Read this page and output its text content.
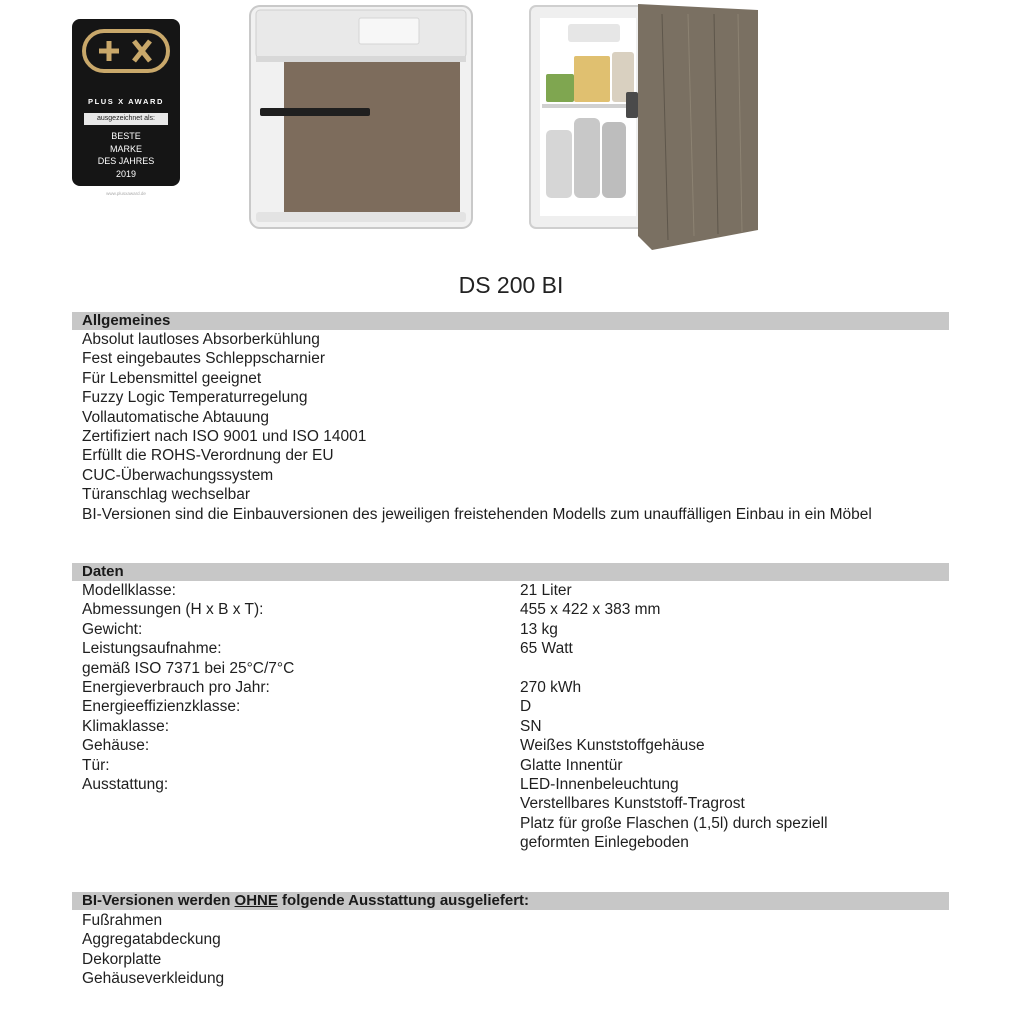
PLUS X AWARD
ausgezeichnet als:
BESTE
MARKE
DES JAHRES
2019
www.plusxaward.de
DS 200 BI
Allgemeines
Absolut lautloses Absorberkühlung
Fest eingebautes Schleppscharnier
Für Lebensmittel geeignet
Fuzzy Logic Temperaturregelung
Vollautomatische Abtauung
Zertifiziert nach ISO 9001 und ISO 14001
Erfüllt die ROHS-Verordnung der EU
CUC-Überwachungssystem
Türanschlag wechselbar
BI-Versionen sind die Einbauversionen des jeweiligen freistehenden Modells zum unauffälligen Einbau in ein Möbel
Daten
Modellklasse:
Abmessungen (H x B x T):
Gewicht:
Leistungsaufnahme:
gemäß ISO 7371 bei 25°C/7°C
Energieverbrauch pro Jahr:
Energieeffizienzklasse:
Klimaklasse:
Gehäuse:
Tür:
Ausstattung:
21 Liter
455 x 422 x 383 mm
13 kg
65 Watt

270 kWh
D
SN
Weißes Kunststoffgehäuse
Glatte Innentür
LED-Innenbeleuchtung
Verstellbares Kunststoff-Tragrost
Platz für große Flaschen (1,5l) durch speziell
geformten Einlegeboden
BI-Versionen werden OHNE folgende Ausstattung ausgeliefert:
Fußrahmen
Aggregatabdeckung
Dekorplatte
Gehäuseverkleidung
